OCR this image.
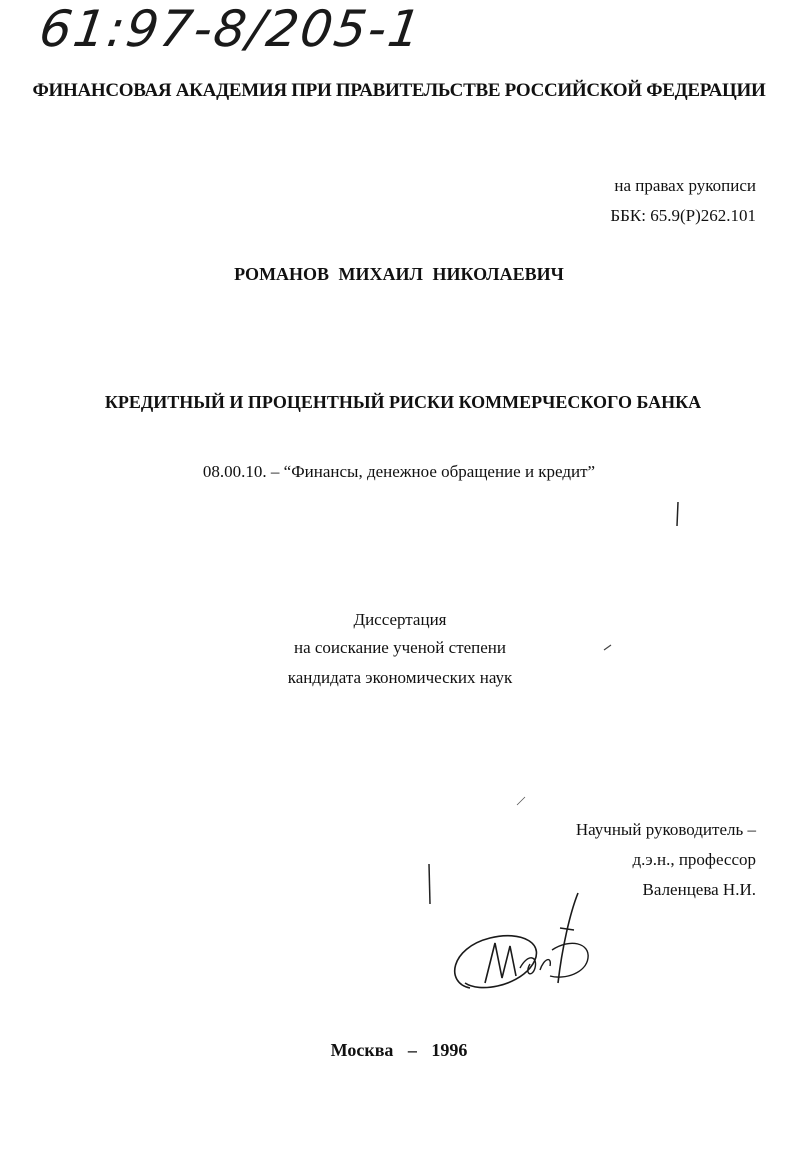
61:97-8/205-1
ФИНАНСОВАЯ АКАДЕМИЯ ПРИ ПРАВИТЕЛЬСТВЕ РОССИЙСКОЙ ФЕДЕРАЦИИ
на правах рукописи
ББК: 65.9(Р)262.101
РОМАНОВ МИХАИЛ НИКОЛАЕВИЧ
КРЕДИТНЫЙ И ПРОЦЕНТНЫЙ РИСКИ КОММЕРЧЕСКОГО БАНКА
08.00.10. – “Финансы, денежное обращение и кредит”
Диссертация
на соискание ученой степени
кандидата экономических наук
Научный руководитель –
д.э.н., профессор
Валенцева Н.И.
Москва – 1996
